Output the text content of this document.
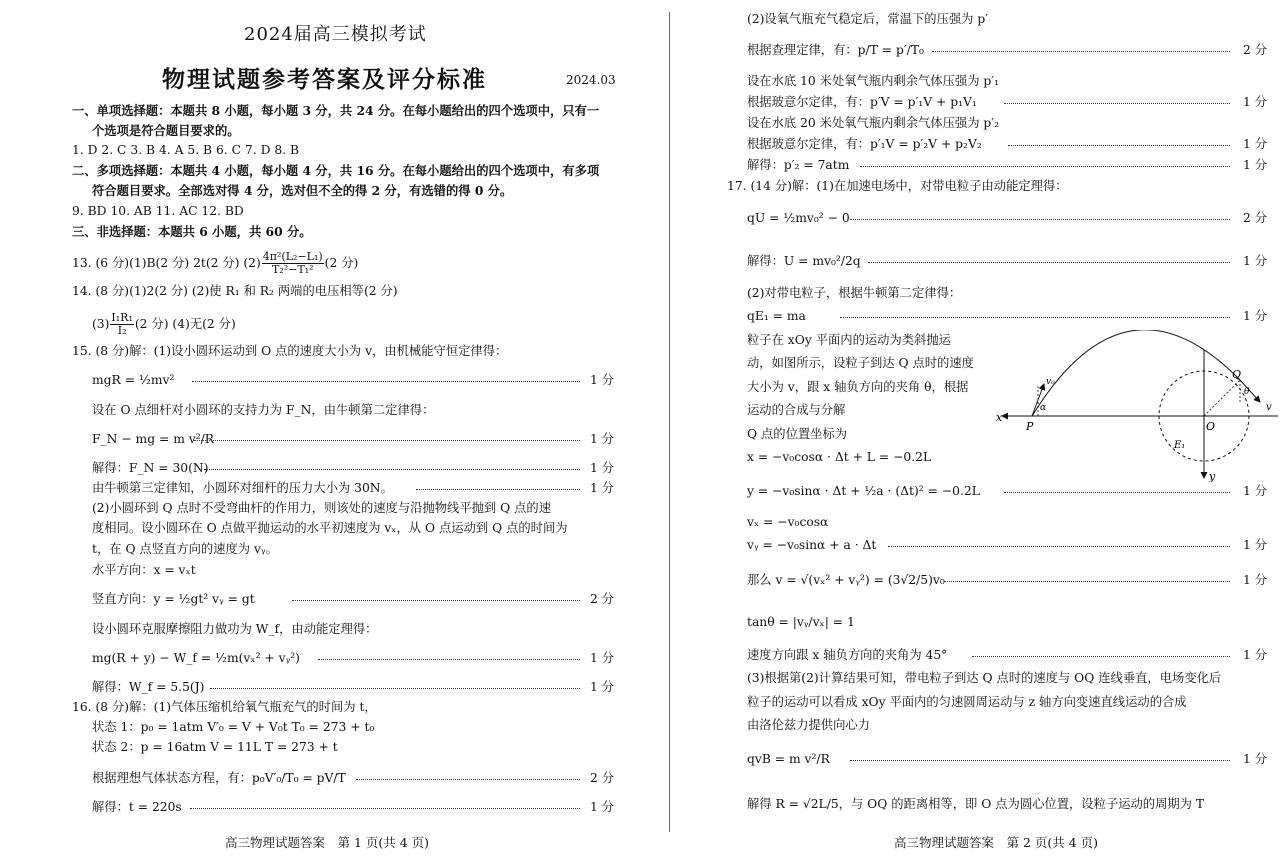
2024届高三模拟考试
物理试题参考答案及评分标准	2024.03
一、单项选择题：本题共 8 小题，每小题 3 分，共 24 分。在每小题给出的四个选项中，只有一
个选项是符合题目要求的。
1. D 2. C 3. B 4. A 5. B 6. C 7. D 8. B
二、多项选择题：本题共 4 小题，每小题 4 分，共 16 分。在每小题给出的四个选项中，有多项
符合题目要求。全部选对得 4 分，选对但不全的得 2 分，有选错的得 0 分。
9. BD 10. AB 11. AC 12. BD
三、非选择题：本题共 6 小题，共 60 分。
13. (6 分)(1)B(2 分) 2t(2 分) $(2) \frac{\text{4π²(L₂−L₁)}}{\text{T₂²−T₁²}} (2$ 分)
14. (8 分)(1)2(2 分) (2)使 R₁ 和 R₂ 两端的电压相等(2 分)
$(3) \frac{\text{I₁R₁}}{\text{I₂}} (2$ 分) (4)无(2 分)
15. (8 分)解：(1)设小圆环运动到 O 点的速度大小为 v，由机械能守恒定律得：
mgR = ½mv²	1 分
设在 O 点细杆对小圆环的支持力为 F_N，由牛顿第二定律得：
F_N − mg = m v²/R	1 分
解得：F_N = 30(N)	1 分
由牛顿第三定律知，小圆环对细杆的压力大小为 30N。	1 分
(2)小圆环到 Q 点时不受弯曲杆的作用力，则该处的速度与沿抛物线平抛到 Q 点的速
度相同。设小圆环在 O 点做平抛运动的水平初速度为 vₓ，从 O 点运动到 Q 点的时间为
t，在 Q 点竖直方向的速度为 vᵧ。
水平方向：x = vₓt
竖直方向：y = ½gt² vᵧ = gt	2 分
设小圆环克服摩擦阻力做功为 W_f，由动能定理得：
mg(R + y) − W_f = ½m(vₓ² + vᵧ²)	1 分
解得：W_f = 5.5(J)	1 分
16. (8 分)解：(1)气体压缩机给氧气瓶充气的时间为 t，
状态 1：p₀ = 1atm V′₀ = V + V₀t T₀ = 273 + t₀
状态 2：p = 16atm V = 11L T = 273 + t
根据理想气体状态方程，有：p₀V′₀/T₀ = pV/T	2 分
解得：t = 220s	1 分
高三物理试题答案　第 1 页(共 4 页)
(2)设氧气瓶充气稳定后，常温下的压强为 p′
根据查理定律，有：p/T = p′/T₀	2 分
设在水底 10 米处氧气瓶内剩余气体压强为 p′₁
根据玻意尔定律，有：p′V = p′₁V + p₁V₁	1 分
设在水底 20 米处氧气瓶内剩余气体压强为 p′₂
根据玻意尔定律，有：p′₁V = p′₂V + p₂V₂	1 分
解得：p′₂ = 7atm	1 分
17. (14 分)解：(1)在加速电场中，对带电粒子由动能定理得：
qU = ½mv₀² − 0	2 分
解得：U = mv₀²/2q	1 分
(2)对带电粒子，根据牛顿第二定律得：
qE₁ = ma	1 分
粒子在 xOy 平面内的运动为类斜抛运
动，如图所示，设粒子到达 Q 点时的速度
大小为 v，跟 x 轴负方向的夹角 θ，根据
运动的合成与分解
Q 点的位置坐标为
x = −v₀cosα · Δt + L = −0.2L
x
y
P	O
Q
E₁
v
v₀
α
θ
y = −v₀sinα · Δt + ½a · (Δt)² = −0.2L	1 分
vₓ = −v₀cosα
vᵧ = −v₀sinα + a · Δt	1 分
那么 v = √(vₓ² + vᵧ²) = (3√2/5)v₀	1 分
tanθ = |vᵧ/vₓ| = 1
速度方向跟 x 轴负方向的夹角为 45°	1 分
(3)根据第(2)计算结果可知，带电粒子到达 Q 点时的速度与 OQ 连线垂直，电场变化后
粒子的运动可以看成 xOy 平面内的匀速圆周运动与 z 轴方向变速直线运动的合成
由洛伦兹力提供向心力
qvB = m v²/R	1 分
解得 R = √2L/5，与 OQ 的距离相等，即 O 点为圆心位置，设粒子运动的周期为 T
高三物理试题答案　第 2 页(共 4 页)
